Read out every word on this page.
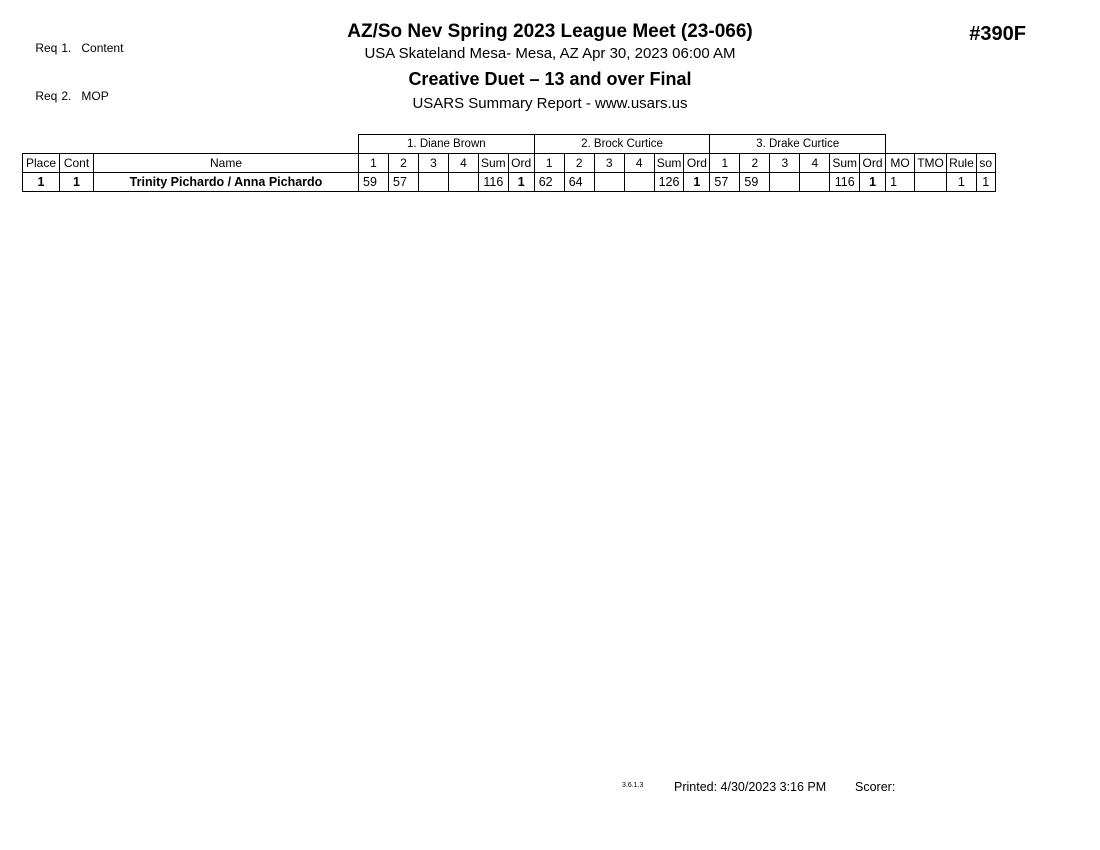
Req 1. Content

Req 2. MOP

AZ/So Nev Spring 2023 League Meet (23-066)
USA Skateland Mesa- Mesa, AZ Apr 30, 2023 06:00 AM
Creative Duet – 13 and over Final
USARS Summary Report - www.usars.us
#390F
			1. Diane Brown						2. Brock Curtice						3. Drake Curtice									
Place	Cont	Name	1	2	3	4	Sum	Ord	1	2	3	4	Sum	Ord	1	2	3	4	Sum	Ord	MO	TMO	Rule	so
1	1	Trinity Pichardo / Anna Pichardo	59	57			116	1	62	64			126	1	57	59			116	1	1		1	1
3.6.1.3 Printed: 4/30/2023 3:16 PM Scorer:
